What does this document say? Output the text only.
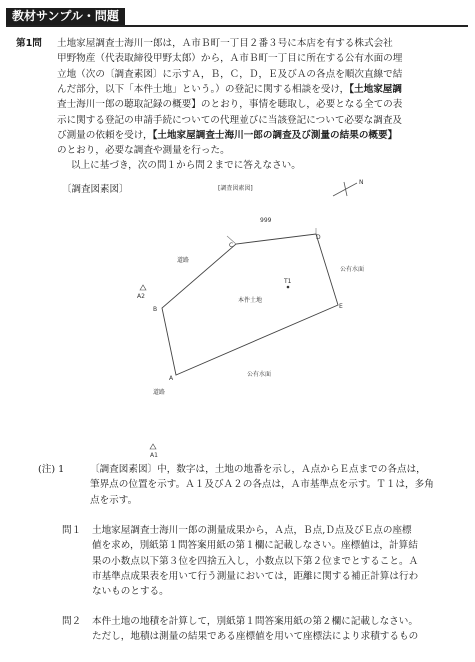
教材サンプル・問題
第1問 土地家屋調査士海川一郎は，Ａ市Ｂ町一丁目２番３号に本店を有する株式会社
甲野物産（代表取締役甲野太郎）から，Ａ市Ｂ町一丁目に所在する公有水面の埋
立地（次の〔調査素図〕に示すＡ，Ｂ，Ｃ，Ｄ，Ｅ及びＡの各点を順次直線で結
んだ部分，以下「本件土地」という。）の登記に関する相談を受け，【土地家屋調
査士海川一郎の聴取記録の概要】のとおり，事情を聴取し，必要となる全ての表
示に関する登記の申請手続についての代理並びに当該登記について必要な調査及
び測量の依頼を受け，【土地家屋調査士海川一郎の調査及び測量の結果の概要】
のとおり，必要な調査や測量を行った。
以上に基づき，次の問１から問２までに答えなさい。
〔調査図素図〕	[調査図素図]
N
A
B
C
D
E
999
道路
道路
公有水面
公有水面
本件土地
T1
A2
A1
(注) 1	〔調査図素図〕中，数字は，土地の地番を示し，Ａ点からＥ点までの各点は，
筆界点の位置を示す。Ａ１及びＡ２の各点は，Ａ市基準点を示す。Ｔ１は，多角
点を示す。
問１ 土地家屋調査士海川一郎の測量成果から，Ａ点，Ｂ点,Ｄ点及びＥ点の座標
値を求め，別紙第１問答案用紙の第１欄に記載しなさい。座標値は，計算結
果の小数点以下第３位を四捨五入し，小数点以下第２位までとすること。Ａ
市基準点成果表を用いて行う測量においては，距離に関する補正計算は行わ
ないものとする。
問２ 本件土地の地積を計算して，別紙第１問答案用紙の第２欄に記載しなさい。
ただし，地積は測量の結果である座標値を用いて座標法により求積するもの
